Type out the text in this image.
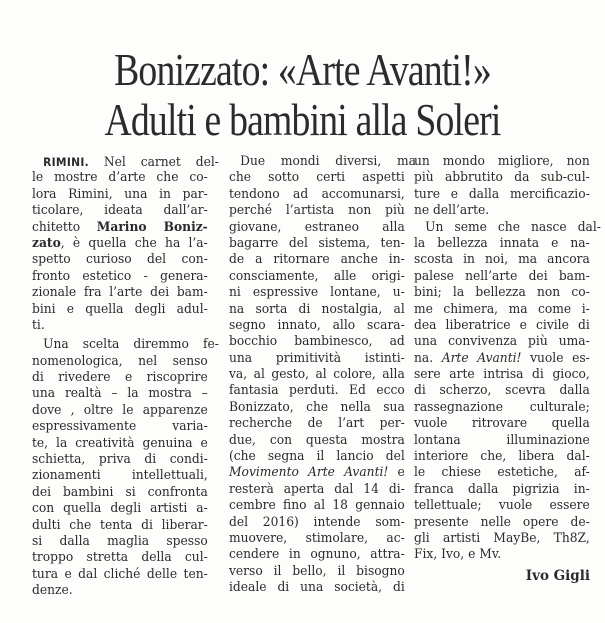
Bonizzato: «Arte Avanti!»
Adulti e bambini alla Soleri
RIMINI. Nel carnet del-
le mostre d’arte che co-
lora Rimini, una in par-
ticolare, ideata dall’ar-
chitetto Marino Boniz-
zato, è quella che ha l’a-
spetto curioso del con-
fronto estetico - genera-
zionale fra l’arte dei bam-
bini e quella degli adul-
ti.
Una scelta diremmo fe-
nomenologica, nel senso
di rivedere e riscoprire
una realtà – la mostra –
dove , oltre le apparenze
espressivamente varia-
te, la creatività genuina e
schietta, priva di condi-
zionamenti intellettuali,
dei bambini si confronta
con quella degli artisti a-
dulti che tenta di liberar-
si dalla maglia spesso
troppo stretta della cul-
tura e dal cliché delle ten-
denze.
Due mondi diversi, ma
che sotto certi aspetti
tendono ad accomunarsi,
perché l’artista non più
giovane, estraneo alla
bagarre del sistema, ten-
de a ritornare anche in-
consciamente, alle origi-
ni espressive lontane, u-
na sorta di nostalgia, al
segno innato, allo scara-
bocchio bambinesco, ad
una primitività istinti-
va, al gesto, al colore, alla
fantasia perduti. Ed ecco
Bonizzato, che nella sua
recherche de l’art per-
due, con questa mostra
(che segna il lancio del
Movimento Arte Avanti! e
resterà aperta dal 14 di-
cembre fino al 18 gennaio
del 2016) intende som-
muovere, stimolare, ac-
cendere in ognuno, attra-
verso il bello, il bisogno
ideale di una società, di
un mondo migliore, non
più abbrutito da sub-cul-
ture e dalla mercificazio-
ne dell’arte.
Un seme che nasce dal-
la bellezza innata e na-
scosta in noi, ma ancora
palese nell’arte dei bam-
bini; la bellezza non co-
me chimera, ma come i-
dea liberatrice e civile di
una convivenza più uma-
na. Arte Avanti! vuole es-
sere arte intrisa di gioco,
di scherzo, scevra dalla
rassegnazione culturale;
vuole ritrovare quella
lontana illuminazione
interiore che, libera dal-
le chiese estetiche, af-
franca dalla pigrizia in-
tellettuale; vuole essere
presente nelle opere de-
gli artisti MayBe, Th8Z,
Fix, Ivo, e Mv.
Ivo Gigli
